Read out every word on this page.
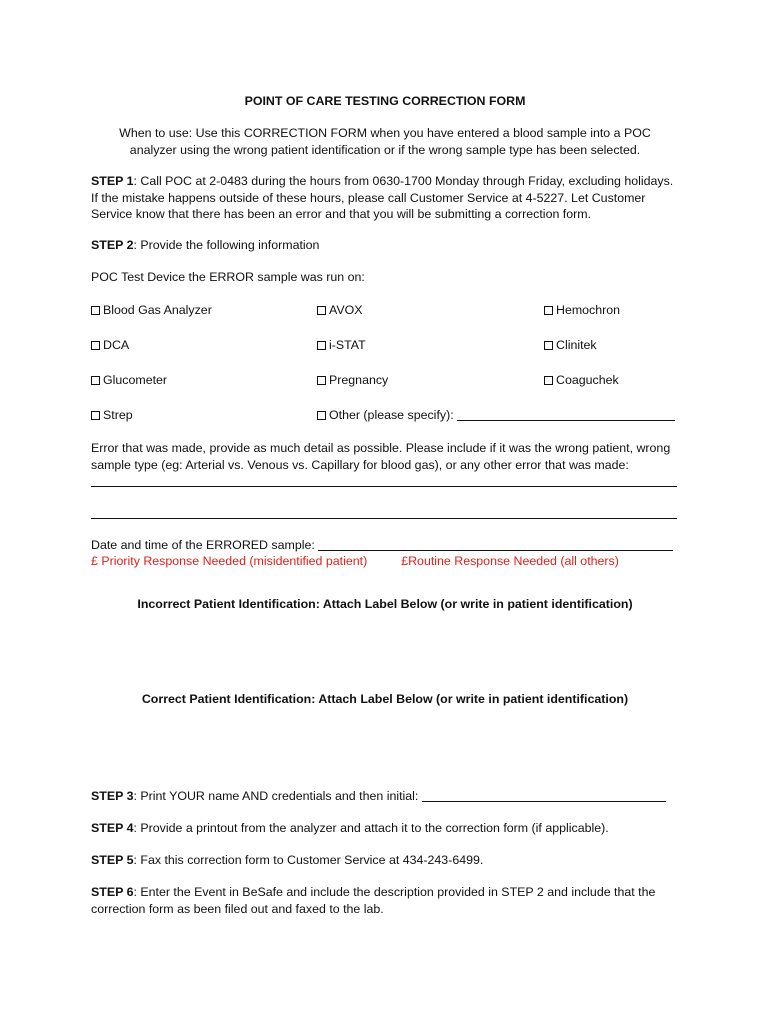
POINT OF CARE TESTING CORRECTION FORM
When to use: Use this CORRECTION FORM when you have entered a blood sample into a POC analyzer using the wrong patient identification or if the wrong sample type has been selected.
STEP 1: Call POC at 2-0483 during the hours from 0630-1700 Monday through Friday, excluding holidays. If the mistake happens outside of these hours, please call Customer Service at 4-5227. Let Customer Service know that there has been an error and that you will be submitting a correction form.
STEP 2: Provide the following information
POC Test Device the ERROR sample was run on:
Blood Gas Analyzer	AVOX	Hemochron
DCA	i-STAT	Clinitek
Glucometer	Pregnancy	Coaguchek
Strep	Other (please specify):
Error that was made, provide as much detail as possible. Please include if it was the wrong patient, wrong sample type (eg: Arterial vs. Venous vs. Capillary for blood gas), or any other error that was made:
Date and time of the ERRORED sample:
£ Priority Response Needed (misidentified patient)	£Routine Response Needed (all others)
Incorrect Patient Identification: Attach Label Below (or write in patient identification)
Correct Patient Identification: Attach Label Below (or write in patient identification)
STEP 3: Print YOUR name AND credentials and then initial:
STEP 4: Provide a printout from the analyzer and attach it to the correction form (if applicable).
STEP 5: Fax this correction form to Customer Service at 434-243-6499.
STEP 6: Enter the Event in BeSafe and include the description provided in STEP 2 and include that the correction form as been filed out and faxed to the lab.
